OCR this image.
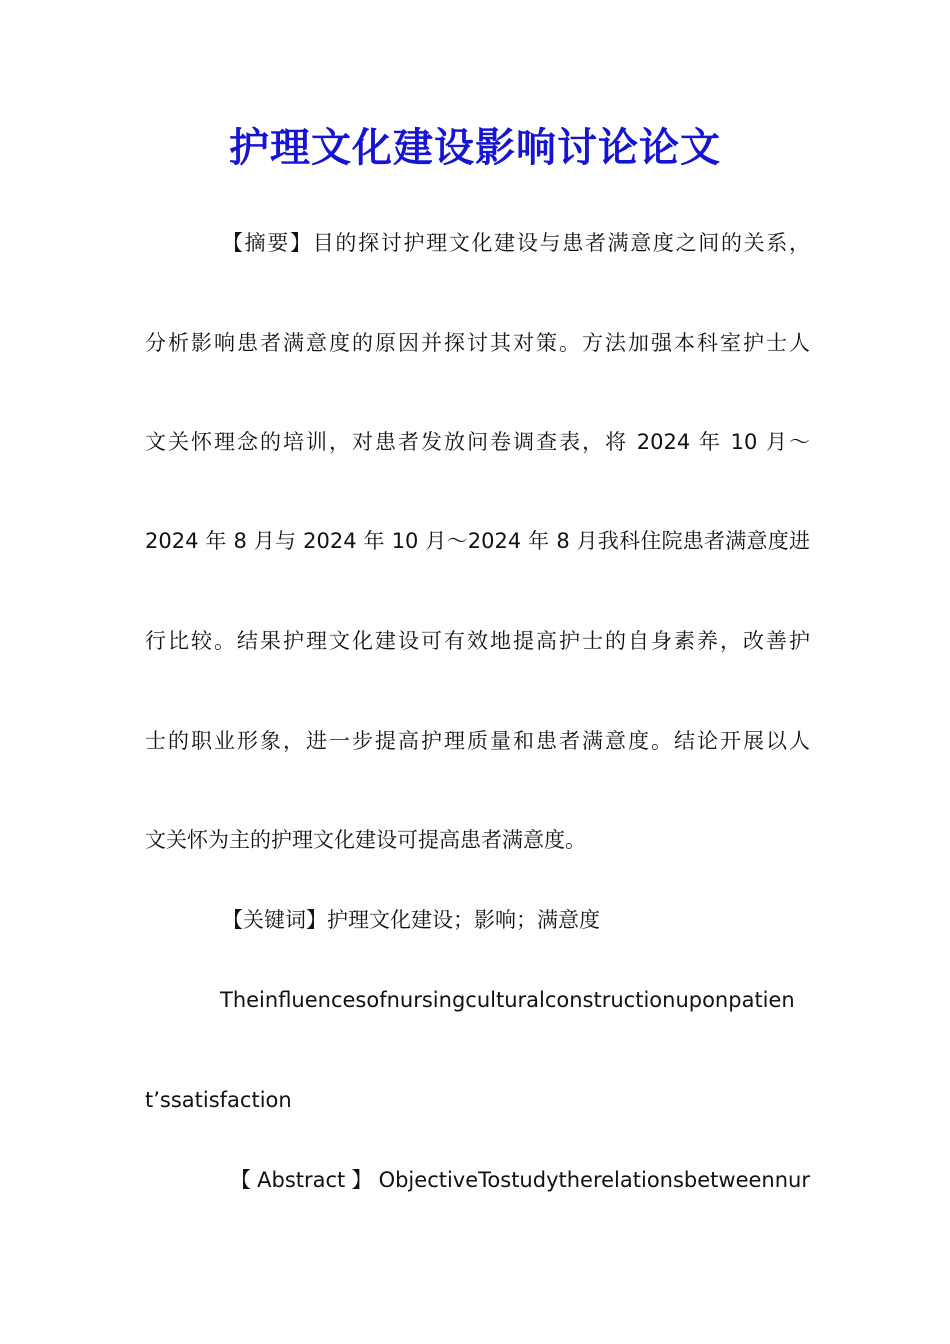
护理文化建设影响讨论论文
【摘要】目的探讨护理文化建设与患者满意度之间的关系，
分析影响患者满意度的原因并探讨其对策。方法加强本科室护士人
文关怀理念的培训，对患者发放问卷调查表，将 2024 年 10 月～
2024 年 8 月与 2024 年 10 月～2024 年 8 月我科住院患者满意度进
行比较。结果护理文化建设可有效地提高护士的自身素养，改善护
士的职业形象，进一步提高护理质量和患者满意度。结论开展以人
文关怀为主的护理文化建设可提高患者满意度。
【关键词】护理文化建设；影响；满意度
Theinfluencesofnursingculturalconstructionuponpatien
t’ssatisfaction
【Abstract】ObjectiveTostudytherelationsbetweennur
